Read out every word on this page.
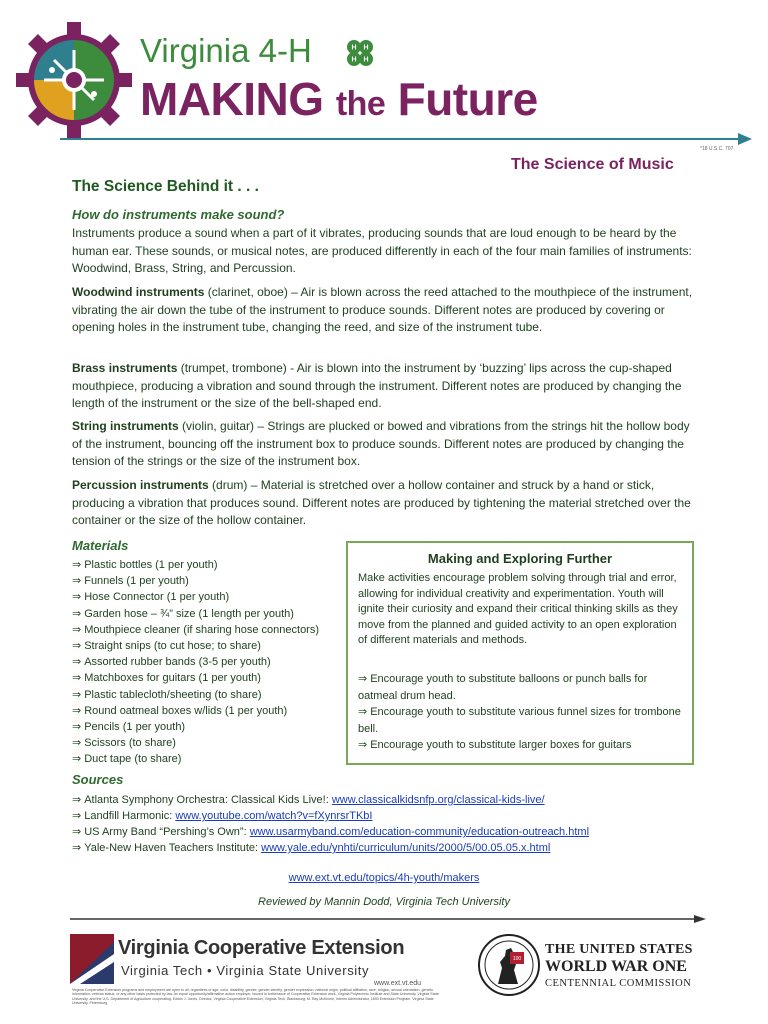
Virginia 4-H	H H
H H
MAKING the Future
*18 U.S.C. 707
The Science of Music
The Science Behind it . . .
How do instruments make sound?
Instruments produce a sound when a part of it vibrates, producing sounds that are loud enough to be heard by the human ear. These sounds, or musical notes, are produced differently in each of the four main families of instruments: Woodwind, Brass, String, and Percussion.
Woodwind instruments (clarinet, oboe) – Air is blown across the reed attached to the mouthpiece of the instrument, vibrating the air down the tube of the instrument to produce sounds. Different notes are produced by covering or opening holes in the instrument tube, changing the reed, and size of the instrument tube.
Brass instruments (trumpet, trombone) - Air is blown into the instrument by ‘buzzing’ lips across the cup-shaped mouthpiece, producing a vibration and sound through the instrument. Different notes are produced by changing the length of the instrument or the size of the bell-shaped end.
String instruments (violin, guitar) – Strings are plucked or bowed and vibrations from the strings hit the hollow body of the instrument, bouncing off the instrument box to produce sounds. Different notes are produced by changing the tension of the strings or the size of the instrument box.
Percussion instruments (drum) – Material is stretched over a hollow container and struck by a hand or stick, producing a vibration that produces sound. Different notes are produced by tightening the material stretched over the container or the size of the hollow container.
Materials
⇒ Plastic bottles (1 per youth)
⇒ Funnels (1 per youth)
⇒ Hose Connector (1 per youth)
⇒ Garden hose – ¾” size (1 length per youth)
⇒ Mouthpiece cleaner (if sharing hose connectors)
⇒ Straight snips (to cut hose; to share)
⇒ Assorted rubber bands (3-5 per youth)
⇒ Matchboxes for guitars (1 per youth)
⇒ Plastic tablecloth/sheeting (to share)
⇒ Round oatmeal boxes w/lids (1 per youth)
⇒ Pencils (1 per youth)
⇒ Scissors (to share)
⇒ Duct tape (to share)
Making and Exploring Further
Make activities encourage problem solving through trial and error, allowing for individual creativity and experimentation. Youth will ignite their curiosity and expand their critical thinking skills as they move from the planned and guided activity to an open exploration of different materials and methods.
⇒ Encourage youth to substitute balloons or punch balls for oatmeal drum head.
⇒ Encourage youth to substitute various funnel sizes for trombone bell.
⇒ Encourage youth to substitute larger boxes for guitars
Sources
⇒ Atlanta Symphony Orchestra: Classical Kids Live!: www.classicalkidsnfp.org/classical-kids-live/
⇒ Landfill Harmonic: www.youtube.com/watch?v=fXynrsrTKbI
⇒ US Army Band “Pershing’s Own”: www.usarmyband.com/education-community/education-outreach.html
⇒ Yale-New Haven Teachers Institute: www.yale.edu/ynhti/curriculum/units/2000/5/00.05.05.x.html
www.ext.vt.edu/topics/4h-youth/makers
Reviewed by Mannin Dodd, Virginia Tech University
Virginia Cooperative Extension
Virginia Tech • Virginia State University
www.ext.vt.edu
Virginia Cooperative Extension programs and employment are open to all, regardless of age, color, disability, gender, gender identity, gender expression, national origin, political affiliation, race, religion, sexual orientation, genetic information, veteran status, or any other basis protected by law. An equal opportunity/affirmative action employer. Issued in furtherance of Cooperative Extension work, Virginia Polytechnic Institute and State University, Virginia State University, and the U.S. Department of Agriculture cooperating. Edwin J. Jones, Director, Virginia Cooperative Extension, Virginia Tech, Blacksburg; M. Ray McKinnie, Interim Administrator, 1890 Extension Program, Virginia State University, Petersburg.
100
THE UNITED STATES
WORLD WAR ONE
CENTENNIAL COMMISSION
